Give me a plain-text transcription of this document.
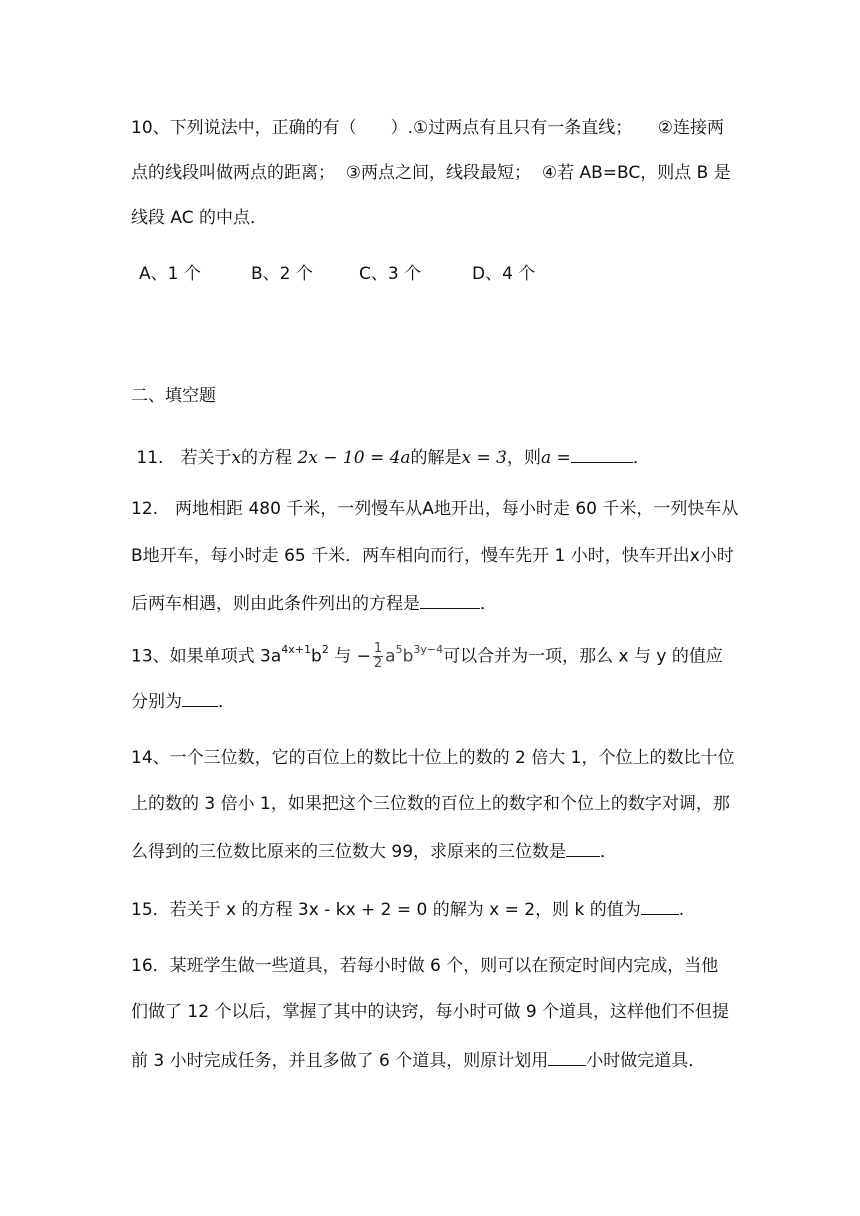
10、下列说法中，正确的有（　　）.①过两点有且只有一条直线；　　②连接两
点的线段叫做两点的距离；  ③两点之间，线段最短；  ④若 AB=BC，则点 B 是
线段 AC 的中点．
A、1 个	B、2 个	C、3 个	D、4 个
二、填空题
11.　若关于x的方程 2x − 10 = 4a的解是x = 3，则a =	．
12.　两地相距 480 千米，一列慢车从A地开出，每小时走 60 千米，一列快车从
B地开车，每小时走 65 千米．两车相向而行，慢车先开 1 小时，快车开出x小时
后两车相遇，则由此条件列出的方程是	．
13、如果单项式 $3a^{4x+1}b^2$ 与 − $\frac{1}{2} a^5b^{3y-4}$可以合并为一项，那么 x 与 y 的值应
分别为 ．
14、一个三位数，它的百位上的数比十位上的数的 2 倍大 1，个位上的数比十位
上的数的 3 倍小 1，如果把这个三位数的百位上的数字和个位上的数字对调，那
么得到的三位数比原来的三位数大 99，求原来的三位数是 ．
15．若关于 x 的方程 3x - kx + 2 = 0 的解为 x = 2，则 k 的值为 .
16．某班学生做一些道具，若每小时做 6 个，则可以在预定时间内完成，当他
们做了 12 个以后，掌握了其中的诀窍，每小时可做 9 个道具，这样他们不但提
前 3 小时完成任务，并且多做了 6 个道具，则原计划用 小时做完道具．
